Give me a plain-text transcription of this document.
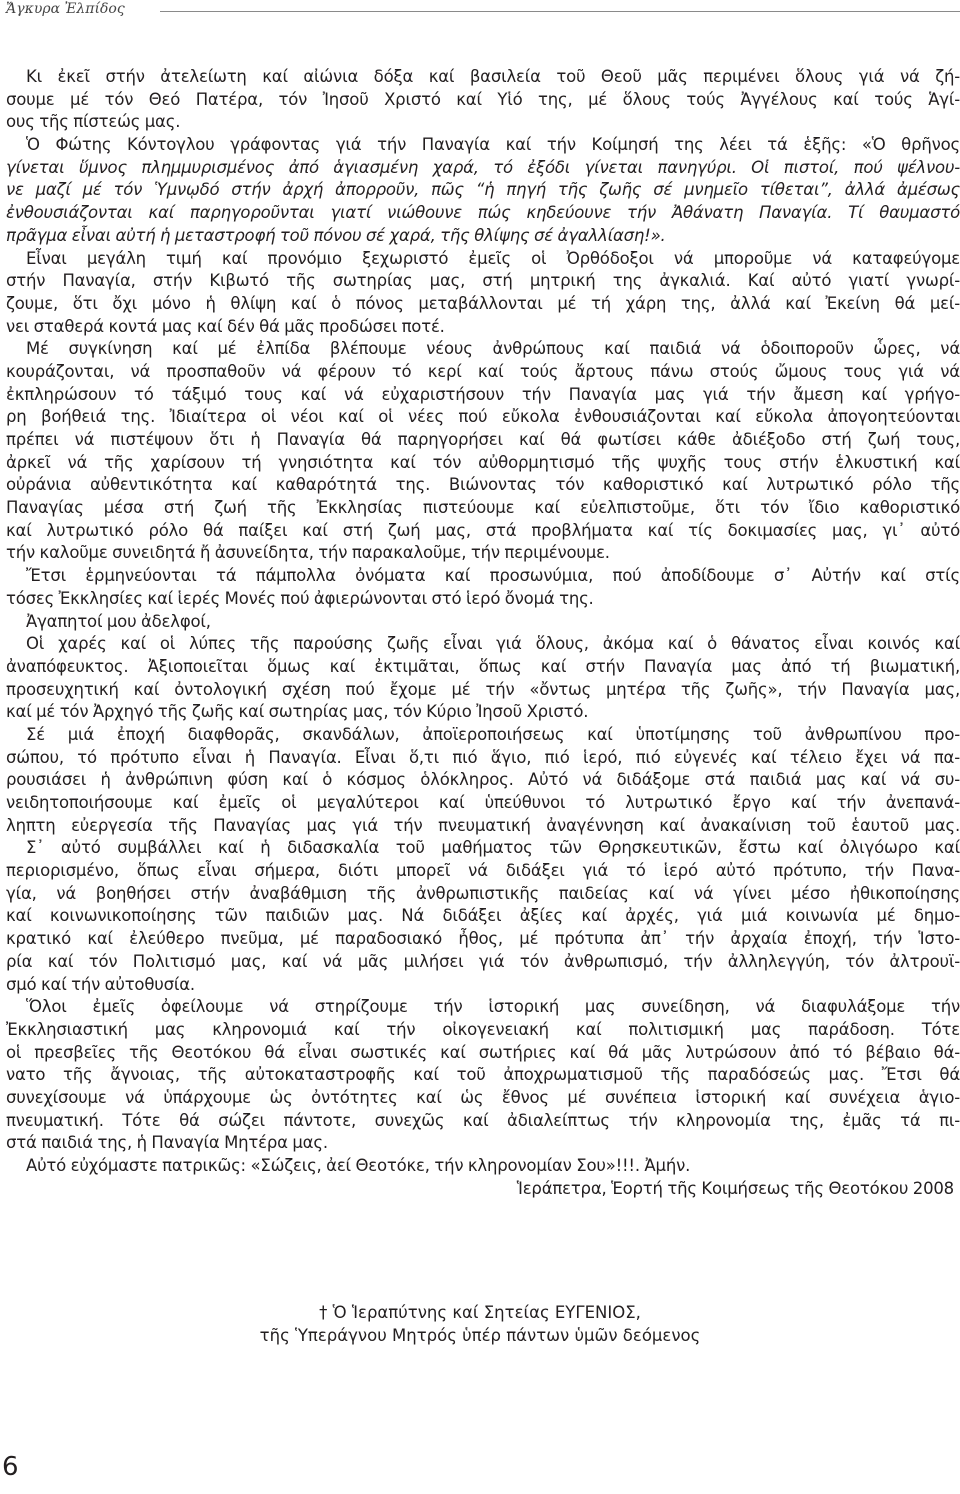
Ἄγκυρα Ἐλπίδος
Κι ἐκεῖ στήν ἀτελείωτη καί αἰώνια δόξα καί βασιλεία τοῦ Θεοῦ μᾶς περιμένει ὅλους γιά νά ζή-
σουμε μέ τόν Θεό Πατέρα, τόν Ἰησοῦ Χριστό καί Υἱό της, μέ ὅλους τούς Ἀγγέλους καί τούς Ἁγί-
ους τῆς πίστεώς μας.
Ὁ Φώτης Κόντογλου γράφοντας γιά τήν Παναγία καί τήν Κοίμησή της λέει τά ἑξῆς: «Ὁ θρῆνος
γίνεται ὕμνος πλημμυρισμένος ἀπό ἁγιασμένη χαρά, τό ἐξόδι γίνεται πανηγύρι. Οἱ πιστοί, πού ψέλνου-
νε μαζί μέ τόν Ὑμνῳδό στήν ἀρχή ἀπορροῦν, πῶς “ἡ πηγή τῆς ζωῆς σέ μνημεῖο τίθεται”, ἀλλά ἀμέσως
ἐνθουσιάζονται καί παρηγοροῦνται γιατί νιώθουνε πώς κηδεύουνε τήν Ἀθάνατη Παναγία. Τί θαυμαστό
πρᾶγμα εἶναι αὐτή ἡ μεταστροφή τοῦ πόνου σέ χαρά, τῆς θλίψης σέ ἀγαλλίαση!».
Εἶναι μεγάλη τιμή καί προνόμιο ξεχωριστό ἐμεῖς οἱ Ὀρθόδοξοι νά μποροῦμε νά καταφεύγομε
στήν Παναγία, στήν Κιβωτό τῆς σωτηρίας μας, στή μητρική της ἀγκαλιά. Καί αὐτό γιατί γνωρί-
ζουμε, ὅτι ὄχι μόνο ἡ θλίψη καί ὁ πόνος μεταβάλλονται μέ τή χάρη της, ἀλλά καί Ἐκείνη θά μεί-
νει σταθερά κοντά μας καί δέν θά μᾶς προδώσει ποτέ.
Μέ συγκίνηση καί μέ ἐλπίδα βλέπουμε νέους ἀνθρώπους καί παιδιά νά ὁδοιποροῦν ὧρες, νά
κουράζονται, νά προσπαθοῦν νά φέρουν τό κερί καί τούς ἄρτους πάνω στούς ὤμους τους γιά νά
ἐκπληρώσουν τό τάξιμό τους καί νά εὐχαριστήσουν τήν Παναγία μας γιά τήν ἄμεση καί γρήγο-
ρη βοήθειά της. Ἰδιαίτερα οἱ νέοι καί οἱ νέες πού εὔκολα ἐνθουσιάζονται καί εὔκολα ἀπογοητεύονται
πρέπει νά πιστέψουν ὅτι ἡ Παναγία θά παρηγορήσει καί θά φωτίσει κάθε ἀδιέξοδο στή ζωή τους,
ἀρκεῖ νά τῆς χαρίσουν τή γνησιότητα καί τόν αὐθορμητισμό τῆς ψυχῆς τους στήν ἑλκυστική καί
οὐράνια αὐθεντικότητα καί καθαρότητά της. Βιώνοντας τόν καθοριστικό καί λυτρωτικό ρόλο τῆς
Παναγίας μέσα στή ζωή τῆς Ἐκκλησίας πιστεύουμε καί εὐελπιστοῦμε, ὅτι τόν ἴδιο καθοριστικό
καί λυτρωτικό ρόλο θά παίξει καί στή ζωή μας, στά προβλήματα καί τίς δοκιμασίες μας, γι᾽ αὐτό
τήν καλοῦμε συνειδητά ἤ ἀσυνείδητα, τήν παρακαλοῦμε, τήν περιμένουμε.
Ἔτσι ἑρμηνεύονται τά πάμπολλα ὀνόματα καί προσωνύμια, πού ἀποδίδουμε σ᾽ Αὐτήν καί στίς
τόσες Ἐκκλησίες καί ἱερές Μονές πού ἀφιερώνονται στό ἱερό ὄνομά της.
Ἀγαπητοί μου ἀδελφοί,
Οἱ χαρές καί οἱ λύπες τῆς παρούσης ζωῆς εἶναι γιά ὅλους, ἀκόμα καί ὁ θάνατος εἶναι κοινός καί
ἀναπόφευκτος. Ἀξιοποιεῖται ὅμως καί ἐκτιμᾶται, ὅπως καί στήν Παναγία μας ἀπό τή βιωματική,
προσευχητική καί ὀντολογική σχέση πού ἔχομε μέ τήν «ὄντως μητέρα τῆς ζωῆς», τήν Παναγία μας,
καί μέ τόν Ἀρχηγό τῆς ζωῆς καί σωτηρίας μας, τόν Κύριο Ἰησοῦ Χριστό.
Σέ μιά ἐποχή διαφθορᾶς, σκανδάλων, ἀποϊεροποιήσεως καί ὑποτίμησης τοῦ ἀνθρωπίνου προ-
σώπου, τό πρότυπο εἶναι ἡ Παναγία. Εἶναι ὅ,τι πιό ἅγιο, πιό ἱερό, πιό εὐγενές καί τέλειο ἔχει νά πα-
ρουσιάσει ἡ ἀνθρώπινη φύση καί ὁ κόσμος ὁλόκληρος. Αὐτό νά διδάξομε στά παιδιά μας καί νά συ-
νειδητοποιήσουμε καί ἐμεῖς οἱ μεγαλύτεροι καί ὑπεύθυνοι τό λυτρωτικό ἔργο καί τήν ἀνεπανά-
ληπτη εὐεργεσία τῆς Παναγίας μας γιά τήν πνευματική ἀναγέννηση καί ἀνακαίνιση τοῦ ἑαυτοῦ μας.
Σ᾽ αὐτό συμβάλλει καί ἡ διδασκαλία τοῦ μαθήματος τῶν Θρησκευτικῶν, ἔστω καί ὀλιγόωρο καί
περιορισμένο, ὅπως εἶναι σήμερα, διότι μπορεῖ νά διδάξει γιά τό ἱερό αὐτό πρότυπο, τήν Πανα-
γία, νά βοηθήσει στήν ἀναβάθμιση τῆς ἀνθρωπιστικῆς παιδείας καί νά γίνει μέσο ἠθικοποίησης
καί κοινωνικοποίησης τῶν παιδιῶν μας. Νά διδάξει ἀξίες καί ἀρχές, γιά μιά κοινωνία μέ δημο-
κρατικό καί ἐλεύθερο πνεῦμα, μέ παραδοσιακό ἦθος, μέ πρότυπα ἀπ᾽ τήν ἀρχαία ἐποχή, τήν Ἱστο-
ρία καί τόν Πολιτισμό μας, καί νά μᾶς μιλήσει γιά τόν ἀνθρωπισμό, τήν ἀλληλεγγύη, τόν ἀλτρουϊ-
σμό καί τήν αὐτοθυσία.
Ὅλοι ἐμεῖς ὀφείλουμε νά στηρίζουμε τήν ἱστορική μας συνείδηση, νά διαφυλάξομε τήν
Ἐκκλησιαστική μας κληρονομιά καί τήν οἰκογενειακή καί πολιτισμική μας παράδοση. Τότε
οἱ πρεσβεῖες τῆς Θεοτόκου θά εἶναι σωστικές καί σωτήριες καί θά μᾶς λυτρώσουν ἀπό τό βέβαιο θά-
νατο τῆς ἄγνοιας, τῆς αὐτοκαταστροφῆς καί τοῦ ἀποχρωματισμοῦ τῆς παραδόσεώς μας. Ἔτσι θά
συνεχίσουμε νά ὑπάρχουμε ὡς ὀντότητες καί ὡς ἔθνος μέ συνέπεια ἱστορική καί συνέχεια ἁγιο-
πνευματική. Τότε θά σώζει πάντοτε, συνεχῶς καί ἀδιαλείπτως τήν κληρονομία της, ἐμᾶς τά πι-
στά παιδιά της, ἡ Παναγία Μητέρα μας.
Αὐτό εὐχόμαστε πατρικῶς: «Σώζεις, ἀεί Θεοτόκε, τήν κληρονομίαν Σου»!!!. Ἀμήν.
Ἱεράπετρα, Ἑορτή τῆς Κοιμήσεως τῆς Θεοτόκου 2008
† Ὁ Ἱεραπύτνης καί Σητείας ΕΥΓΕΝΙΟΣ,
τῆς Ὑπεράγνου Μητρός ὑπέρ πάντων ὑμῶν δεόμενος
6
